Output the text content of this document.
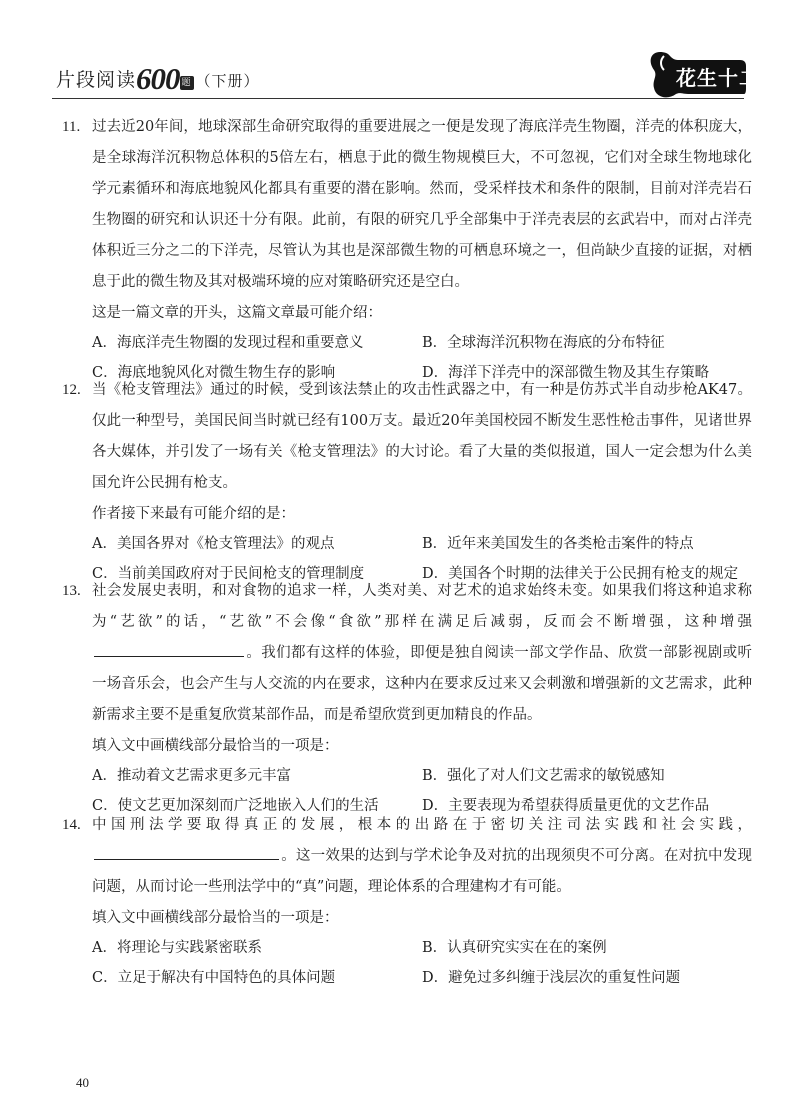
片段阅读600 题 （下册）	花生十二
11. 过去近20年间，地球深部生命研究取得的重要进展之一便是发现了海底洋壳生物圈，洋壳的体积庞大，是全球海洋沉积物总体积的5倍左右，栖息于此的微生物规模巨大，不可忽视，它们对全球生物地球化学元素循环和海底地貌风化都具有重要的潜在影响。然而，受采样技术和条件的限制，目前对洋壳岩石生物圈的研究和认识还十分有限。此前，有限的研究几乎全部集中于洋壳表层的玄武岩中，而对占洋壳体积近三分之二的下洋壳，尽管认为其也是深部微生物的可栖息环境之一，但尚缺少直接的证据，对栖息于此的微生物及其对极端环境的应对策略研究还是空白。
这是一篇文章的开头，这篇文章最可能介绍：
A．海底洋壳生物圈的发现过程和重要意义	B．全球海洋沉积物在海底的分布特征
C．海底地貌风化对微生物生存的影响	D．海洋下洋壳中的深部微生物及其生存策略
12. 当《枪支管理法》通过的时候，受到该法禁止的攻击性武器之中，有一种是仿苏式半自动步枪AK47。仅此一种型号，美国民间当时就已经有100万支。最近20年美国校园不断发生恶性枪击事件，见诸世界各大媒体，并引发了一场有关《枪支管理法》的大讨论。看了大量的类似报道，国人一定会想为什么美国允许公民拥有枪支。
作者接下来最有可能介绍的是：
A．美国各界对《枪支管理法》的观点	B．近年来美国发生的各类枪击案件的特点
C．当前美国政府对于民间枪支的管理制度	D．美国各个时期的法律关于公民拥有枪支的规定
13. 社会发展史表明，和对食物的追求一样，人类对美、对艺术的追求始终未变。如果我们将这种追求称为“艺欲”的话，“艺欲”不会像“食欲”那样在满足后减弱，反而会不断增强，这种增强。我们都有这样的体验，即便是独自阅读一部文学作品、欣赏一部影视剧或听一场音乐会，也会产生与人交流的内在要求，这种内在要求反过来又会刺激和增强新的文艺需求，此种新需求主要不是重复欣赏某部作品，而是希望欣赏到更加精良的作品。
填入文中画横线部分最恰当的一项是：
A．推动着文艺需求更多元丰富	B．强化了对人们文艺需求的敏锐感知
C．使文艺更加深刻而广泛地嵌入人们的生活	D．主要表现为希望获得质量更优的文艺作品
14. 中国刑法学要取得真正的发展，根本的出路在于密切关注司法实践和社会实践，。这一效果的达到与学术论争及对抗的出现须臾不可分离。在对抗中发现问题，从而讨论一些刑法学中的“真”问题，理论体系的合理建构才有可能。
填入文中画横线部分最恰当的一项是：
A．将理论与实践紧密联系	B．认真研究实实在在的案例
C．立足于解决有中国特色的具体问题	D．避免过多纠缠于浅层次的重复性问题
40
